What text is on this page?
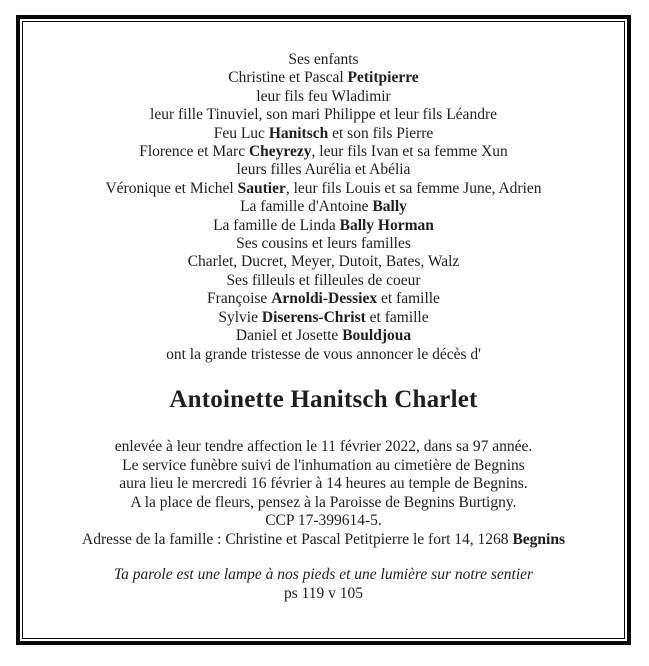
Ses enfants
Christine et Pascal Petitpierre
leur fils feu Wladimir
leur fille Tinuviel, son mari Philippe et leur fils Léandre
Feu Luc Hanitsch et son fils Pierre
Florence et Marc Cheyrezy, leur fils Ivan et sa femme Xun
leurs filles Aurélia et Abélia
Véronique et Michel Sautier, leur fils Louis et sa femme June, Adrien
La famille d'Antoine Bally
La famille de Linda Bally Horman
Ses cousins et leurs familles
Charlet, Ducret, Meyer, Dutoit, Bates, Walz
Ses filleuls et filleules de coeur
Françoise Arnoldi-Dessiex et famille
Sylvie Diserens-Christ et famille
Daniel et Josette Bouldjoua
ont la grande tristesse de vous annoncer le décès d'
Antoinette Hanitsch Charlet
enlevée à leur tendre affection le 11 février 2022, dans sa 97 année.
Le service funèbre suivi de l'inhumation au cimetière de Begnins
aura lieu le mercredi 16 février à 14 heures au temple de Begnins.
A la place de fleurs, pensez à la Paroisse de Begnins Burtigny.
CCP 17-399614-5.
Adresse de la famille : Christine et Pascal Petitpierre le fort 14, 1268 Begnins
Ta parole est une lampe à nos pieds et une lumière sur notre sentier
ps 119 v 105
